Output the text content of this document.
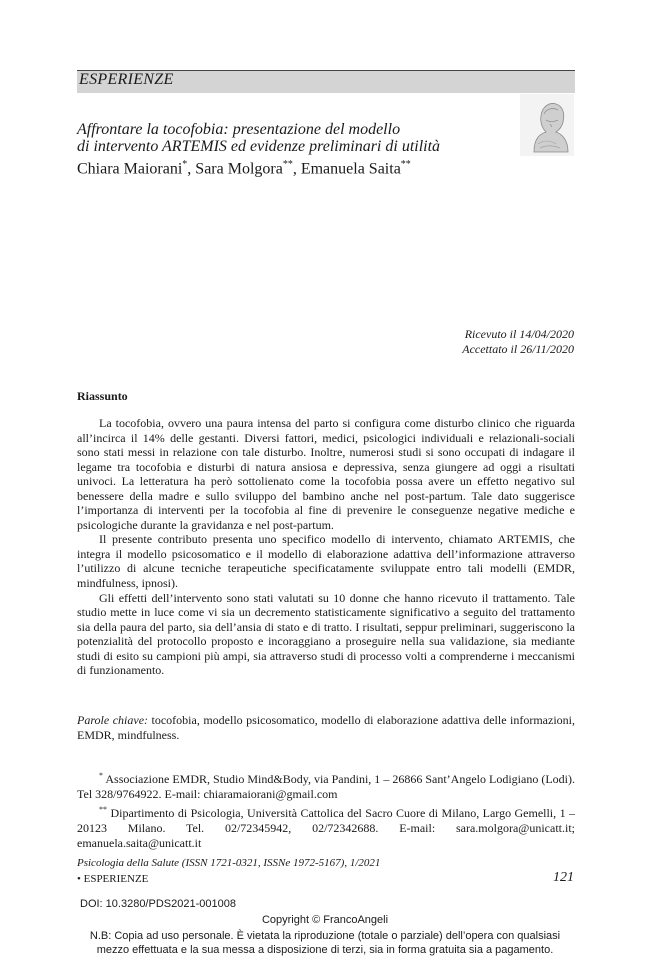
ESPERIENZE
Affrontare la tocofobia: presentazione del modello
di intervento ARTEMIS ed evidenze preliminari di utilità
Chiara Maiorani*, Sara Molgora**, Emanuela Saita**
Ricevuto il 14/04/2020
Accettato il 26/11/2020
Riassunto

La tocofobia, ovvero una paura intensa del parto si configura come disturbo clinico che riguarda all’incirca il 14% delle gestanti. Diversi fattori, medici, psicologici individuali e relazionali-sociali sono stati messi in relazione con tale disturbo. Inoltre, numerosi studi si sono occupati di indagare il legame tra tocofobia e disturbi di natura ansiosa e depressiva, senza giungere ad oggi a risultati univoci. La letteratura ha però sottolienato come la tocofobia possa avere un effetto negativo sul benessere della madre e sullo sviluppo del bambino anche nel post-partum. Tale dato suggerisce l’importanza di interventi per la tocofobia al fine di prevenire le conseguenze negative mediche e psicologiche durante la gravidanza e nel post-partum.

Il presente contributo presenta uno specifico modello di intervento, chiamato ARTEMIS, che integra il modello psicosomatico e il modello di elaborazione adattiva dell’informazione attraverso l’utilizzo di alcune tecniche terapeutiche specificatamente sviluppate entro tali modelli (EMDR, mindfulness, ipnosi).

Gli effetti dell’intervento sono stati valutati su 10 donne che hanno ricevuto il trattamento. Tale studio mette in luce come vi sia un decremento statisticamente significativo a seguito del trattamento sia della paura del parto, sia dell’ansia di stato e di tratto. I risultati, seppur preliminari, suggeriscono la potenzialità del protocollo proposto e incoraggiano a proseguire nella sua validazione, sia mediante studi di esito su campioni più ampi, sia attraverso studi di processo volti a comprenderne i meccanismi di funzionamento.

Parole chiave: tocofobia, modello psicosomatico, modello di elaborazione adattiva delle informazioni, EMDR, mindfulness.

* Associazione EMDR, Studio Mind&Body, via Pandini, 1 – 26866 Sant’Angelo Lodigiano (Lodi). Tel 328/9764922. E-mail: chiaramaiorani@gmail.com

** Dipartimento di Psicologia, Università Cattolica del Sacro Cuore di Milano, Largo Gemelli, 1 – 20123 Milano. Tel. 02/72345942, 02/72342688. E-mail: sara.molgora@unicatt.it; emanuela.saita@unicatt.it

Psicologia della Salute (ISSN 1721-0321, ISSNe 1972-5167), 1/2021
• ESPERIENZE	121
DOI: 10.3280/PDS2021-001008
Copyright © FrancoAngeli
N.B: Copia ad uso personale. È vietata la riproduzione (totale o parziale) dell’opera con qualsiasi
mezzo effettuata e la sua messa a disposizione di terzi, sia in forma gratuita sia a pagamento.
